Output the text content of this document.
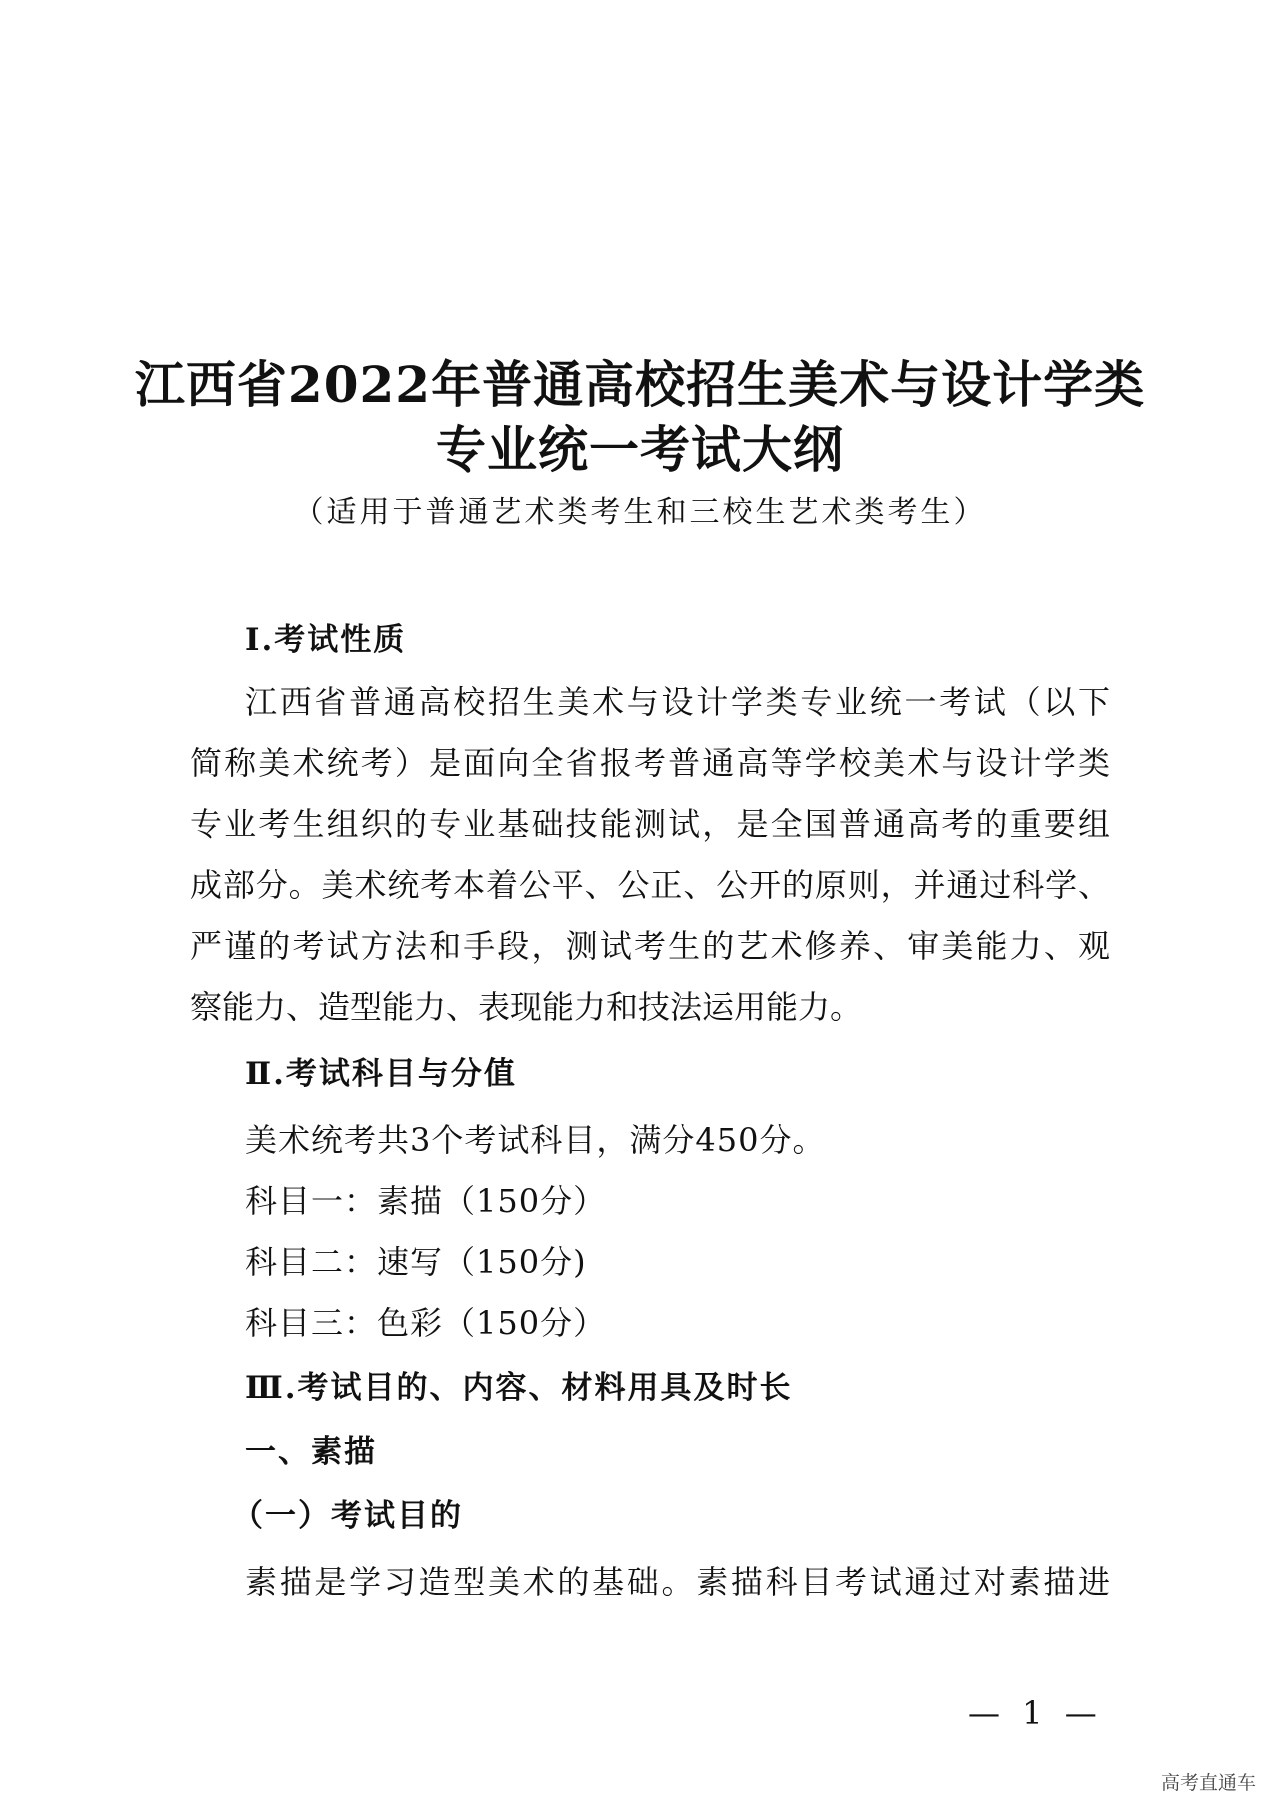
江西省2022年普通高校招生美术与设计学类
专业统一考试大纲
（适用于普通艺术类考生和三校生艺术类考生）
Ⅰ.考试性质
江西省普通高校招生美术与设计学类专业统一考试（以下
简称美术统考）是面向全省报考普通高等学校美术与设计学类
专业考生组织的专业基础技能测试，是全国普通高考的重要组
成部分。美术统考本着公平、公正、公开的原则，并通过科学、
严谨的考试方法和手段，测试考生的艺术修养、审美能力、观
察能力、造型能力、表现能力和技法运用能力。
Ⅱ.考试科目与分值
美术统考共3个考试科目，满分450分。
科目一：素描（150分）
科目二：速写（150分)
科目三：色彩（150分）
Ⅲ.考试目的、内容、材料用具及时长
一、素描
（一）考试目的
素描是学习造型美术的基础。素描科目考试通过对素描进
— 1 —
高考直通车
